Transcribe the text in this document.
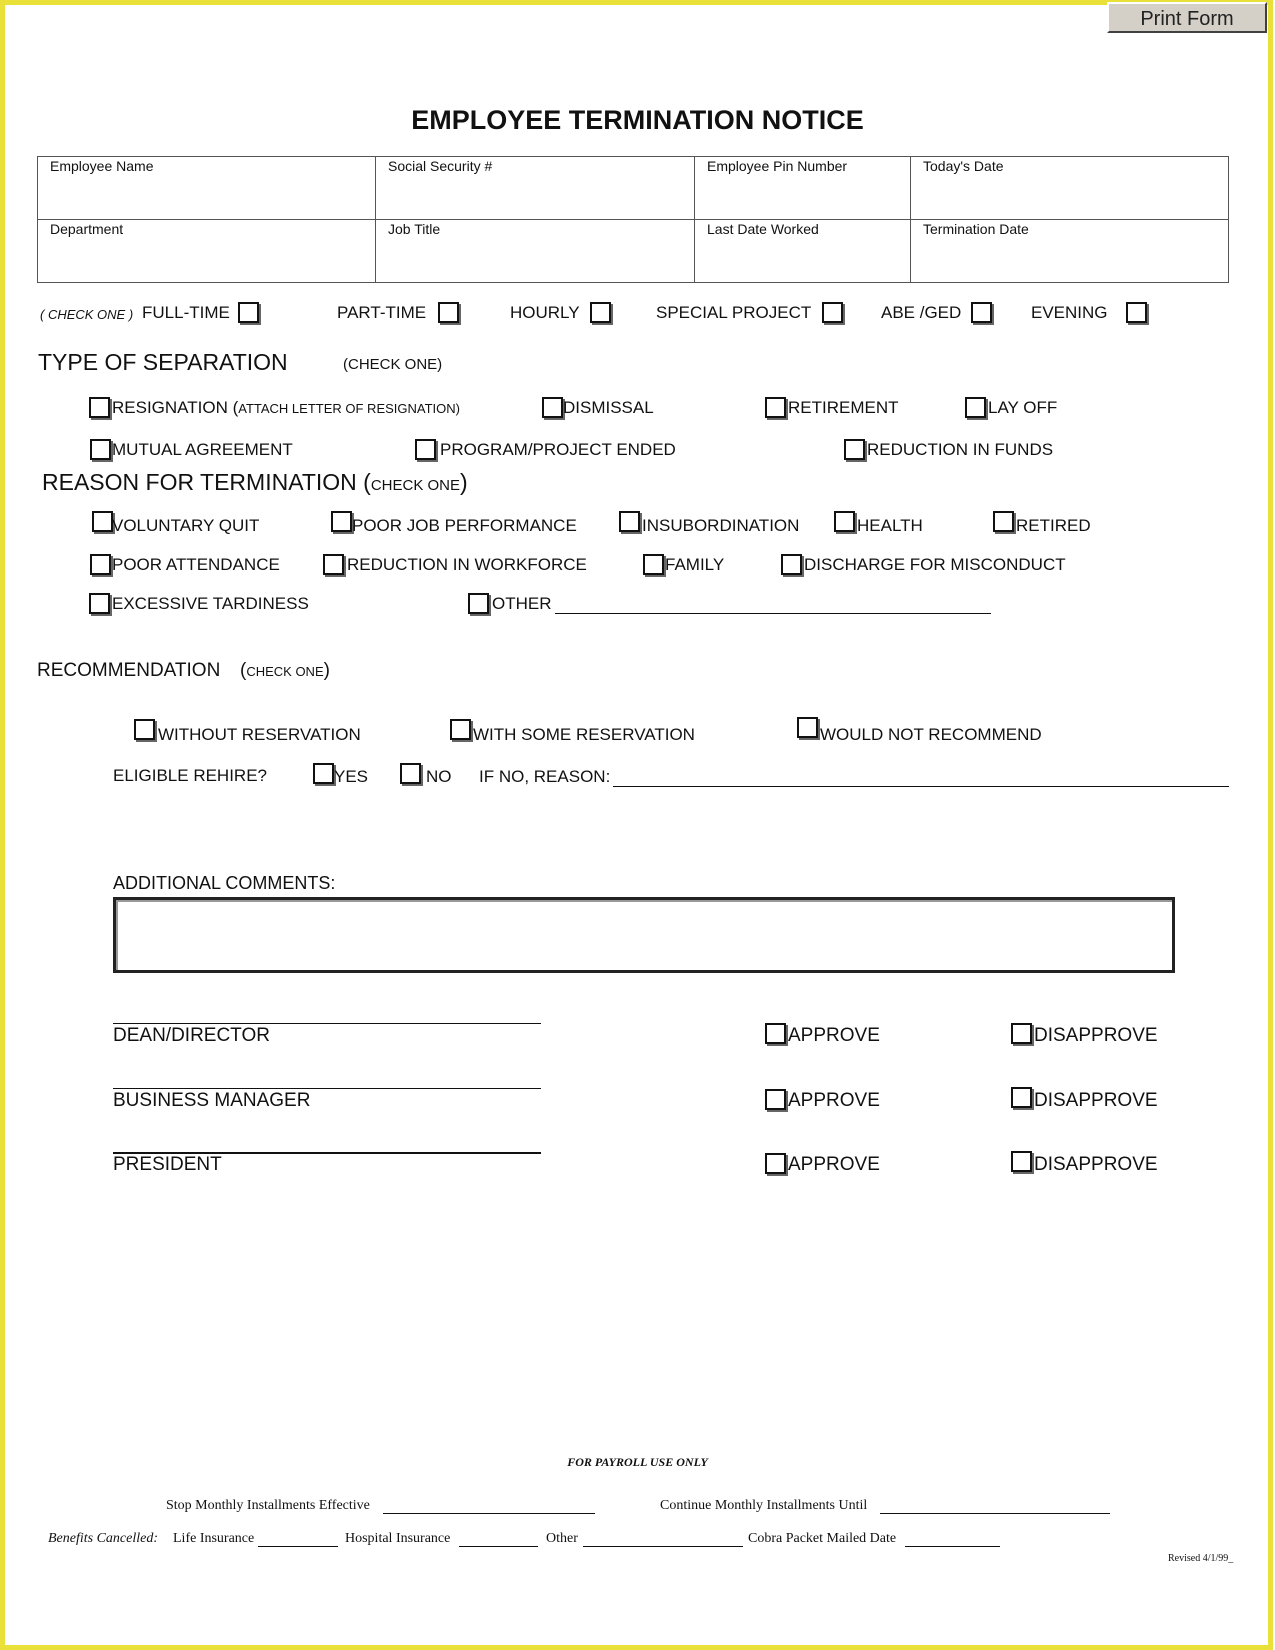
Print Form
EMPLOYEE TERMINATION NOTICE
Employee Name	Social Security #	Employee Pin Number	Today's Date

Department	Job Title	Last Date Worked	Termination Date
( CHECK ONE ) FULL-TIME	PART-TIME	HOURLY	SPECIAL PROJECT	ABE /GED	EVENING
TYPE OF SEPARATION	(CHECK ONE)
RESIGNATION (ATTACH LETTER OF RESIGNATION)	DISMISSAL	RETIREMENT	LAY OFF
MUTUAL AGREEMENT	PROGRAM/PROJECT ENDED	REDUCTION IN FUNDS
REASON FOR TERMINATION (CHECK ONE)
VOLUNTARY QUIT	POOR JOB PERFORMANCE	INSUBORDINATION	HEALTH	RETIRED
POOR ATTENDANCE	REDUCTION IN WORKFORCE	FAMILY	DISCHARGE FOR MISCONDUCT
EXCESSIVE TARDINESS	OTHER
RECOMMENDATION (CHECK ONE)
WITHOUT RESERVATION	WITH SOME RESERVATION	WOULD NOT RECOMMEND
ELIGIBLE REHIRE?	YES	NO IF NO, REASON:
ADDITIONAL COMMENTS:
DEAN/DIRECTOR	APPROVE	DISAPPROVE
BUSINESS MANAGER	APPROVE	DISAPPROVE
PRESIDENT	APPROVE	DISAPPROVE
FOR PAYROLL USE ONLY
Stop Monthly Installments Effective	Continue Monthly Installments Until
Benefits Cancelled: Life Insurance	Hospital Insurance	Other	Cobra Packet Mailed Date
Revised 4/1/99_
